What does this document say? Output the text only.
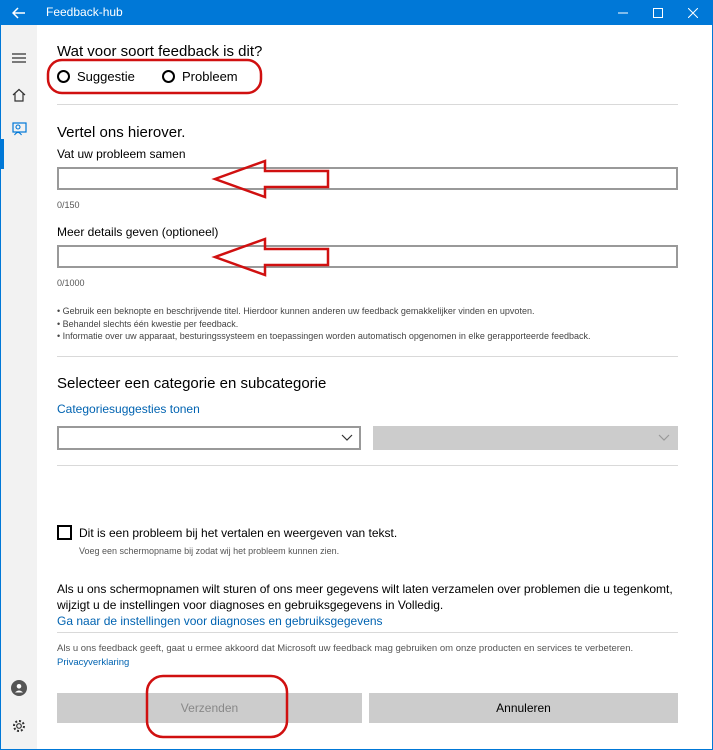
Feedback-hub
Wat voor soort feedback is dit?
Suggestie	Probleem
Vertel ons hierover.
Vat uw probleem samen
0/150
Meer details geven (optioneel)
0/1000
• Gebruik een beknopte en beschrijvende titel. Hierdoor kunnen anderen uw feedback gemakkelijker vinden en upvoten.
• Behandel slechts één kwestie per feedback.
• Informatie over uw apparaat, besturingssysteem en toepassingen worden automatisch opgenomen in elke gerapporteerde feedback.
Selecteer een categorie en subcategorie
Categoriesuggesties tonen
Dit is een probleem bij het vertalen en weergeven van tekst.
Voeg een schermopname bij zodat wij het probleem kunnen zien.
Als u ons schermopnamen wilt sturen of ons meer gegevens wilt laten verzamelen over problemen die u tegenkomt,
wijzigt u de instellingen voor diagnoses en gebruiksgegevens in Volledig.
Ga naar de instellingen voor diagnoses en gebruiksgegevens
Als u ons feedback geeft, gaat u ermee akkoord dat Microsoft uw feedback mag gebruiken om onze producten en services te verbeteren.
Privacyverklaring
Verzenden	Annuleren
